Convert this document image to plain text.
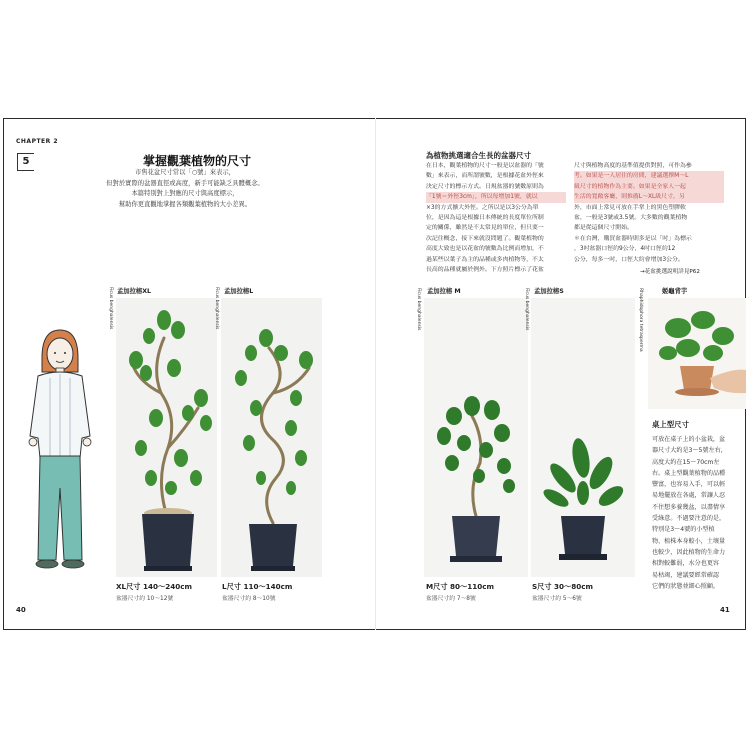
CHAPTER 2
5	掌握觀葉植物的尺寸
市售花盆尺寸常以「○號」來表示，
但對於實際的盆器直徑或高度，新手可能缺乏具體概念。
本篇特別對上對應的尺寸與高度標示，
幫助你更直觀地掌握各類觀葉植物的大小差異。
孟加拉榕XL
Ficus benghalensis
XL尺寸 140～240cm
盆器尺寸約 10～12號
孟加拉榕L
Ficus benghalensis
L尺寸 110～140cm
盆器尺寸約 8～10號
為植物挑選適合生長的盆器尺寸
在日本，觀葉植物的尺寸一般是以盆器的「號
數」來表示，而所謂號數，是根據花盆外徑來
決定尺寸的標示方式。日規盆器的號數原則為
「1號＝外徑3cm」，所以每增加1號，就以
×3的方式擴大外徑。之所以是以3公分為單
位，是因為這是根據日本傳統的長度單位所制
定的關係，雖然是不太常見的單位，但只要一
次記住概念，接下來就沒問題了。觀葉植物的
高度大致也是以花盆的號數為比例而增加，不
過某些以葉子為主的品種或多肉植物等，不太
長高的品種就屬於例外。下方照片標示了花盆
尺寸與植物高度的基準值提供對照，可作為參
考。如果是一人居住的房間，建議選擇M～L
級尺寸的植物作為主要。如果是全家人一起
生活的寬敞客廳，則推薦L～XL級尺寸，另
外，市面上常見可放在手掌上的黑色塑膠軟
盆，一般是3號或3.5號。大多數的觀葉植物
都是從這個尺寸開始。
＊在台灣，購買盆器時則多是以「吋」為標示
，3吋盆器口徑約9公分，4吋口徑約12
公分，每多一吋，口徑大約會增加3公分。
→花盆挑選說明詳見P62
孟加拉榕 M
Ficus benghalensis
M尺寸 80～110cm
盆器尺寸約 7～8號
孟加拉榕S
Ficus benghalensis
S尺寸 30～80cm
盆器尺寸約 5～6號
姬龜背芋
Rhaphidophora tetrasperma
桌上型尺寸
可放在桌子上的小盆栽，盆
器尺寸大約是3～5號左右，
高度大約在15～70cm左
右。桌上型觀葉植物的品種
豐富，也容易入手，可以輕
易地擺放在各處，常讓人忍
不住想多養幾盆，以盡情享
受綠意。不過要注意的是，
特別是3～4號的小型植
物，植株本身較小，土壤量
也較少，因此植物的生命力
相對較難弱，水分也更容
易枯竭，建議要經常確認
它們的狀態並細心照顧。
40	41
